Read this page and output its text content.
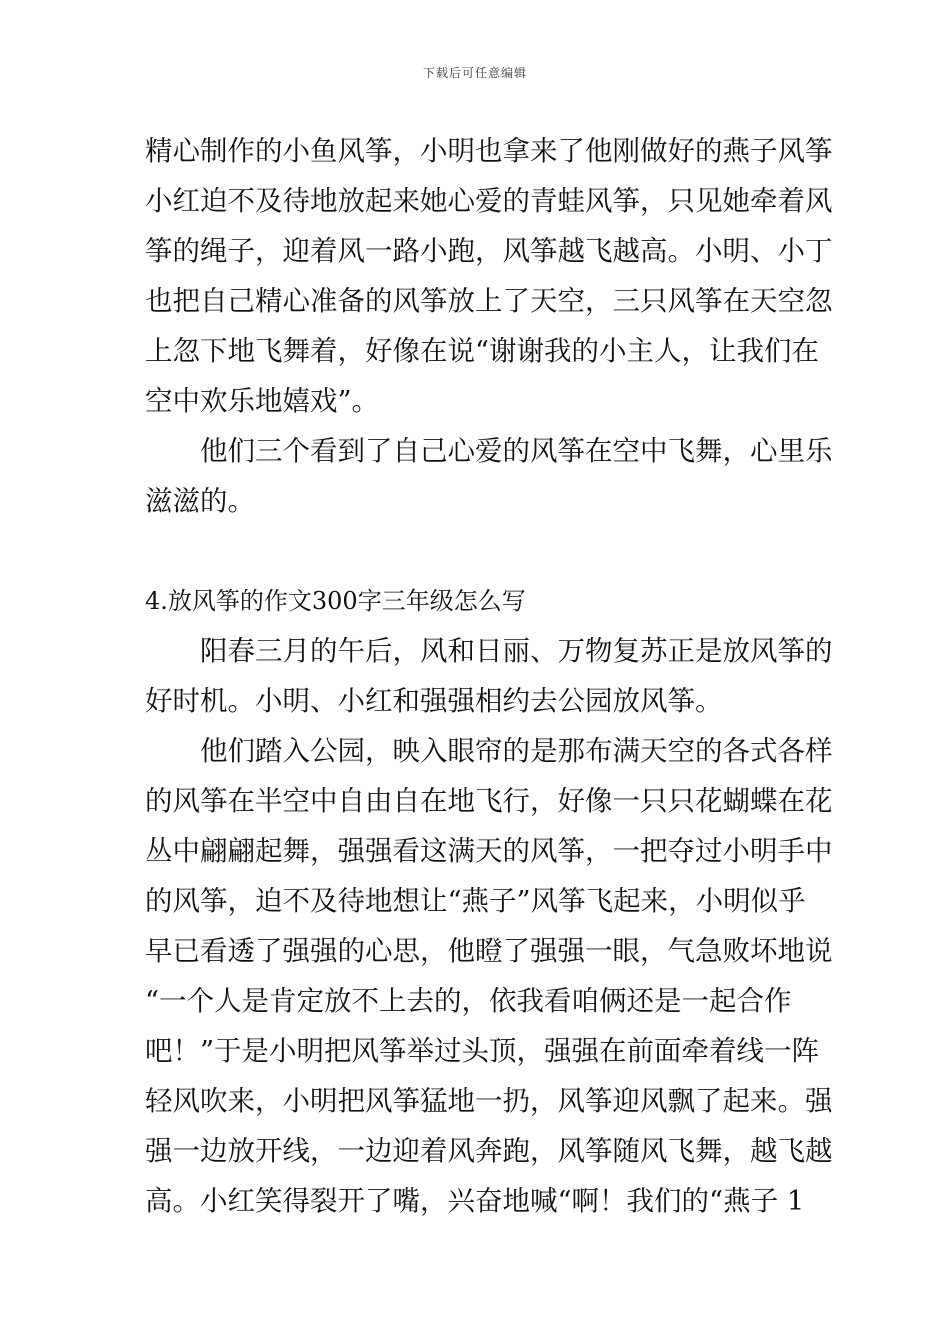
下载后可任意编辑
精心制作的小鱼风筝，小明也拿来了他刚做好的燕子风筝
小红迫不及待地放起来她心爱的青蛙风筝，只见她牵着风
筝的绳子，迎着风一路小跑，风筝越飞越高。小明、小丁
也把自己精心准备的风筝放上了天空，三只风筝在天空忽
上忽下地飞舞着，好像在说“谢谢我的小主人，让我们在
空中欢乐地嬉戏”。
他们三个看到了自己心爱的风筝在空中飞舞，心里乐
滋滋的。
4.放风筝的作文300字三年级怎么写
阳春三月的午后，风和日丽、万物复苏正是放风筝的
好时机。小明、小红和强强相约去公园放风筝。
他们踏入公园，映入眼帘的是那布满天空的各式各样
的风筝在半空中自由自在地飞行，好像一只只花蝴蝶在花
丛中翩翩起舞，强强看这满天的风筝，一把夺过小明手中
的风筝，迫不及待地想让“燕子”风筝飞起来，小明似乎
早已看透了强强的心思，他瞪了强强一眼，气急败坏地说
“一个人是肯定放不上去的，依我看咱俩还是一起合作
吧！”于是小明把风筝举过头顶，强强在前面牵着线一阵
轻风吹来，小明把风筝猛地一扔，风筝迎风飘了起来。强
强一边放开线，一边迎着风奔跑，风筝随风飞舞，越飞越
高。小红笑得裂开了嘴，兴奋地喊“啊！我们的“燕子 1
